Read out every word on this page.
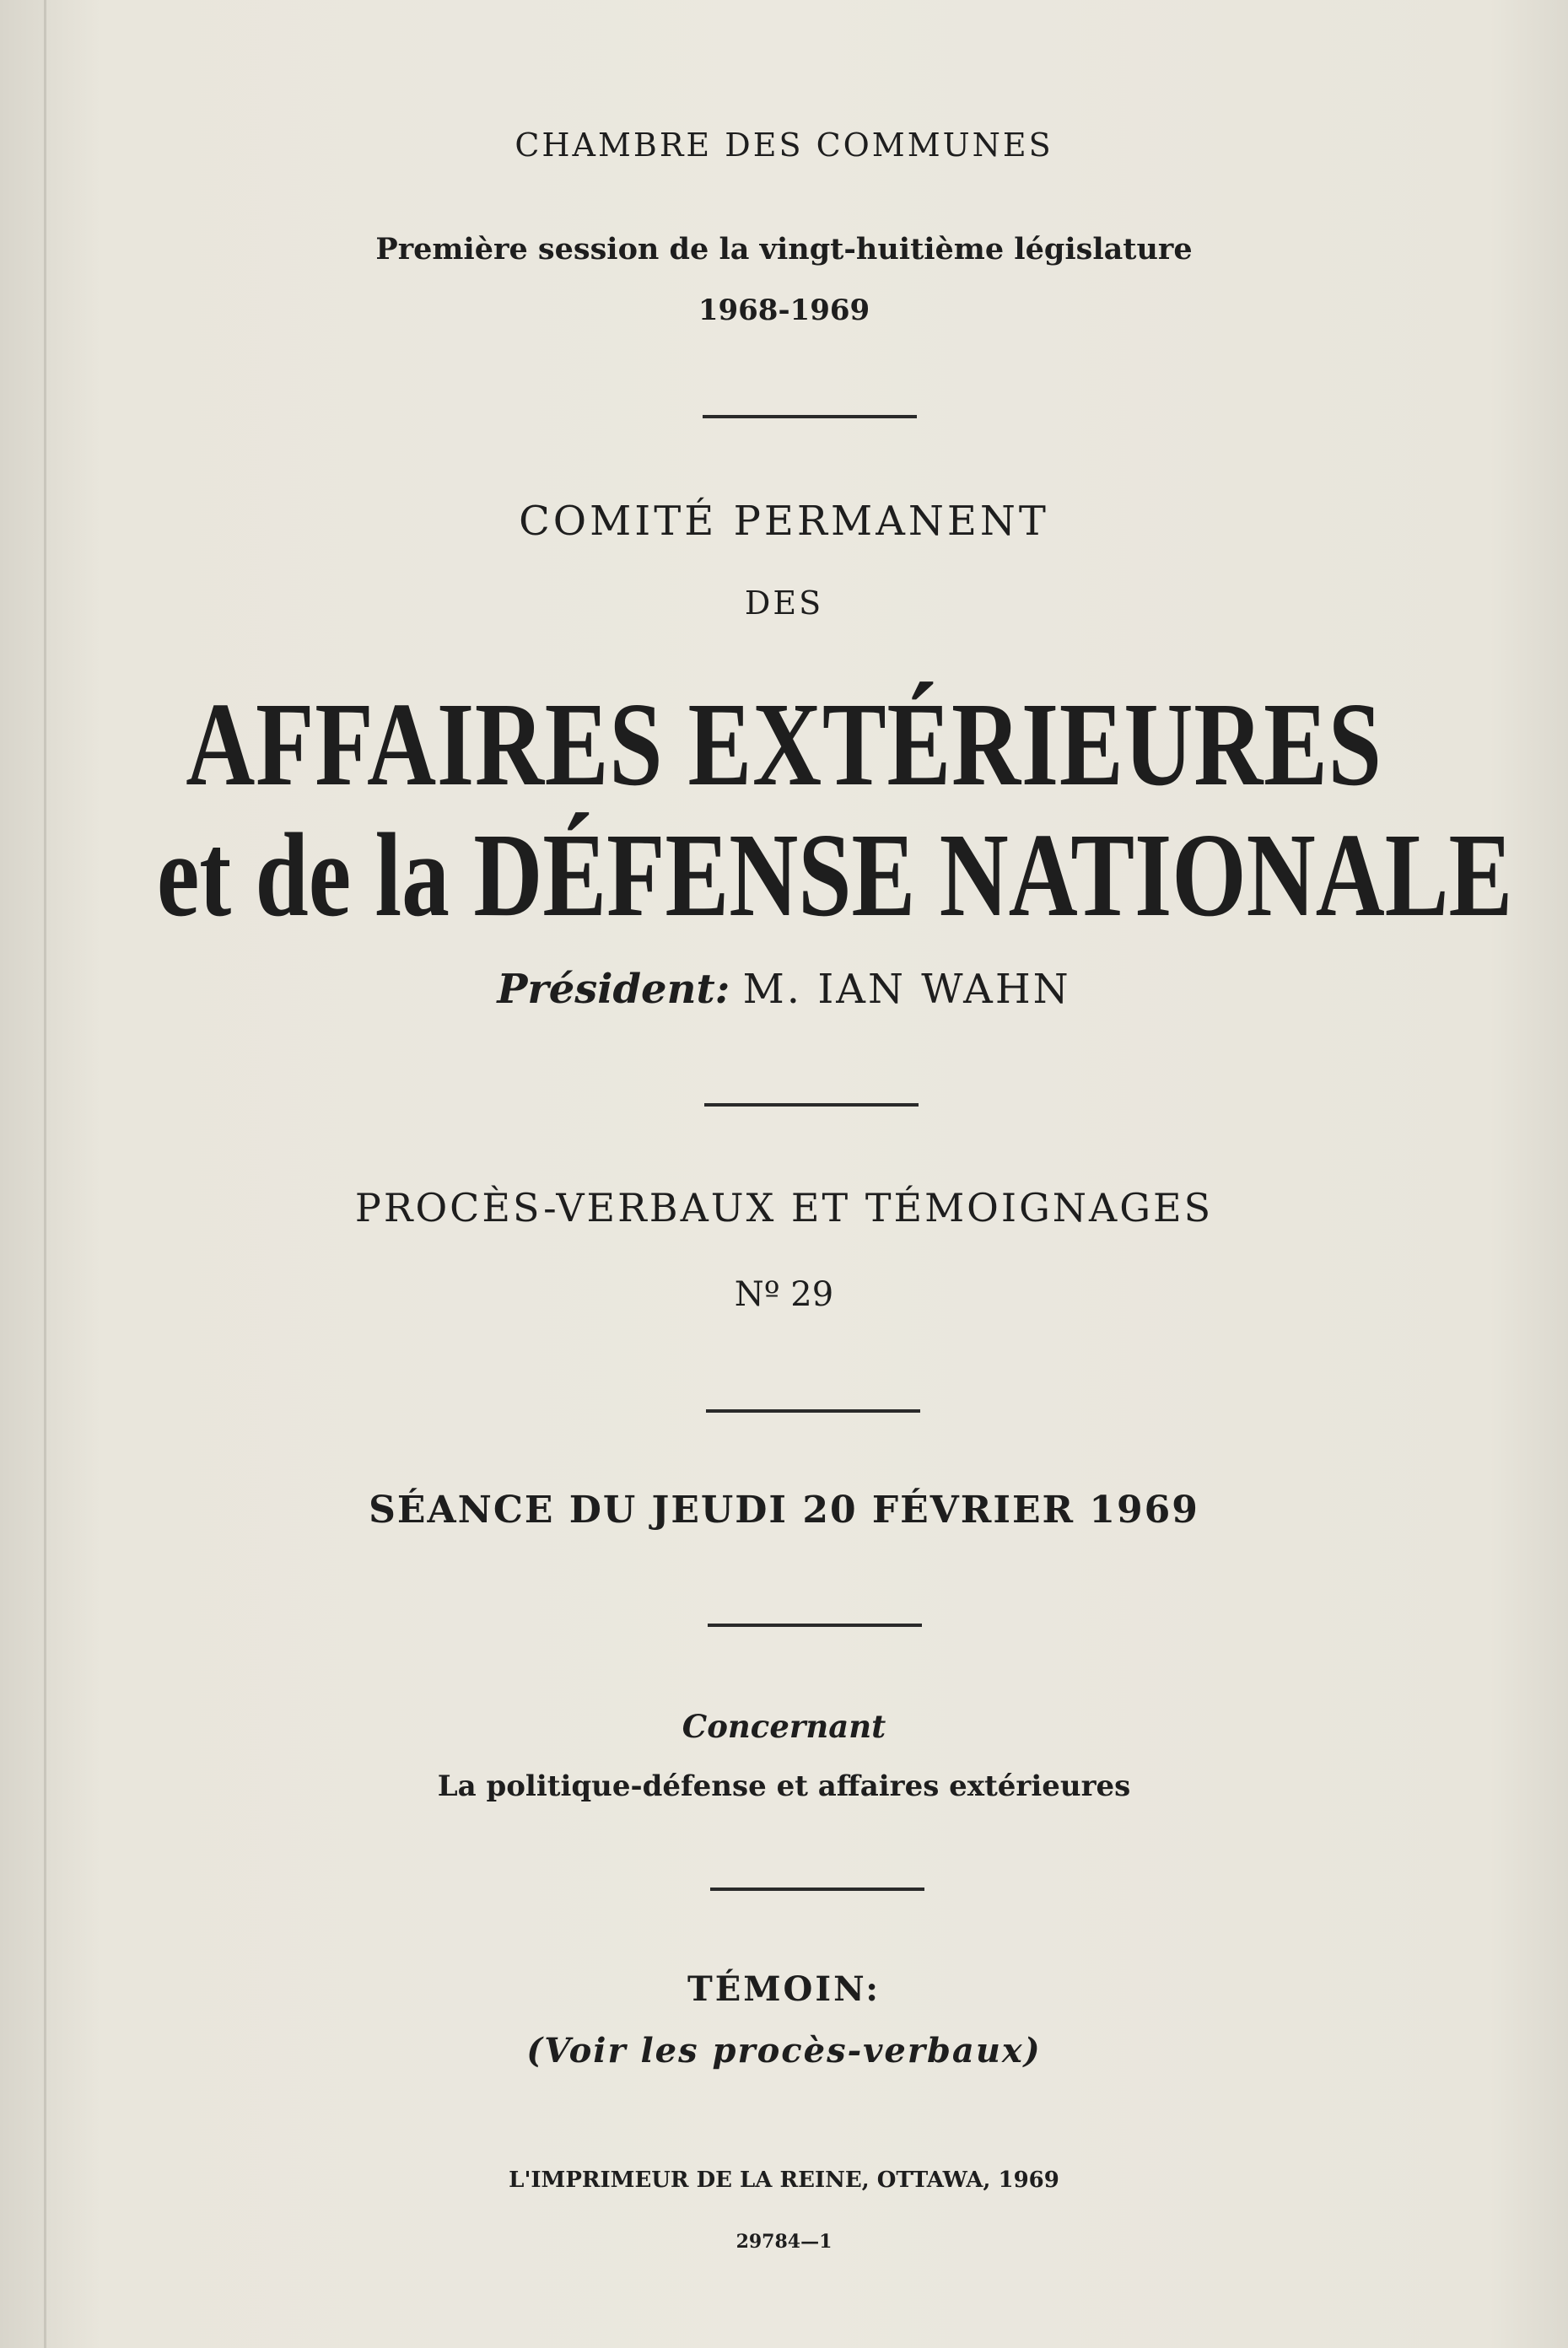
CHAMBRE DES COMMUNES
Première session de la vingt-huitième législature
1968-1969
COMITÉ PERMANENT
DES
AFFAIRES EXTÉRIEURES
et de la DÉFENSE NATIONALE
Président: M. IAN WAHN
PROCÈS-VERBAUX ET TÉMOIGNAGES
Nº 29
SÉANCE DU JEUDI 20 FÉVRIER 1969
Concernant
La politique-défense et affaires extérieures
TÉMOIN:
(Voir les procès-verbaux)
L'IMPRIMEUR DE LA REINE, OTTAWA, 1969
29784—1
